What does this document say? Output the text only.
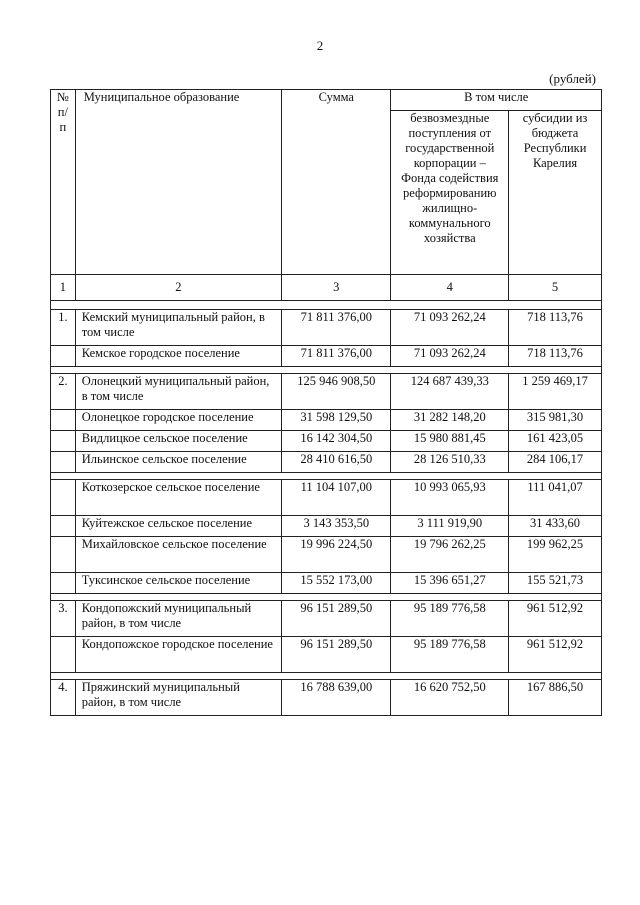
2
(рублей)
№ п/п	Муниципальное образование	Сумма	В том числе	
			безвозмездные поступления от государственной корпорации – Фонда содействия реформированию жилищно-коммунального хозяйства	субсидии из бюджета Республики Карелия
1	2	3	4	5

1.	Кемский муниципальный район, в том числе	71 811 376,00	71 093 262,24	718 113,76
	Кемское городское поселение	71 811 376,00	71 093 262,24	718 113,76

2.	Олонецкий муниципальный район, в том числе	125 946 908,50	124 687 439,33	1 259 469,17
	Олонецкое городское поселение	31 598 129,50	31 282 148,20	315 981,30
	Видлицкое сельское поселение	16 142 304,50	15 980 881,45	161 423,05
	Ильинское сельское поселение	28 410 616,50	28 126 510,33	284 106,17

	Коткозерское сельское поселение	11 104 107,00	10 993 065,93	111 041,07
	Куйтежское сельское поселение	3 143 353,50	3 111 919,90	31 433,60
	Михайловское сельское поселение	19 996 224,50	19 796 262,25	199 962,25
	Туксинское сельское поселение	15 552 173,00	15 396 651,27	155 521,73

3.	Кондопожский муниципальный район, в том числе	96 151 289,50	95 189 776,58	961 512,92
	Кондопожское городское поселение	96 151 289,50	95 189 776,58	961 512,92

4.	Пряжинский муниципальный район, в том числе	16 788 639,00	16 620 752,50	167 886,50
